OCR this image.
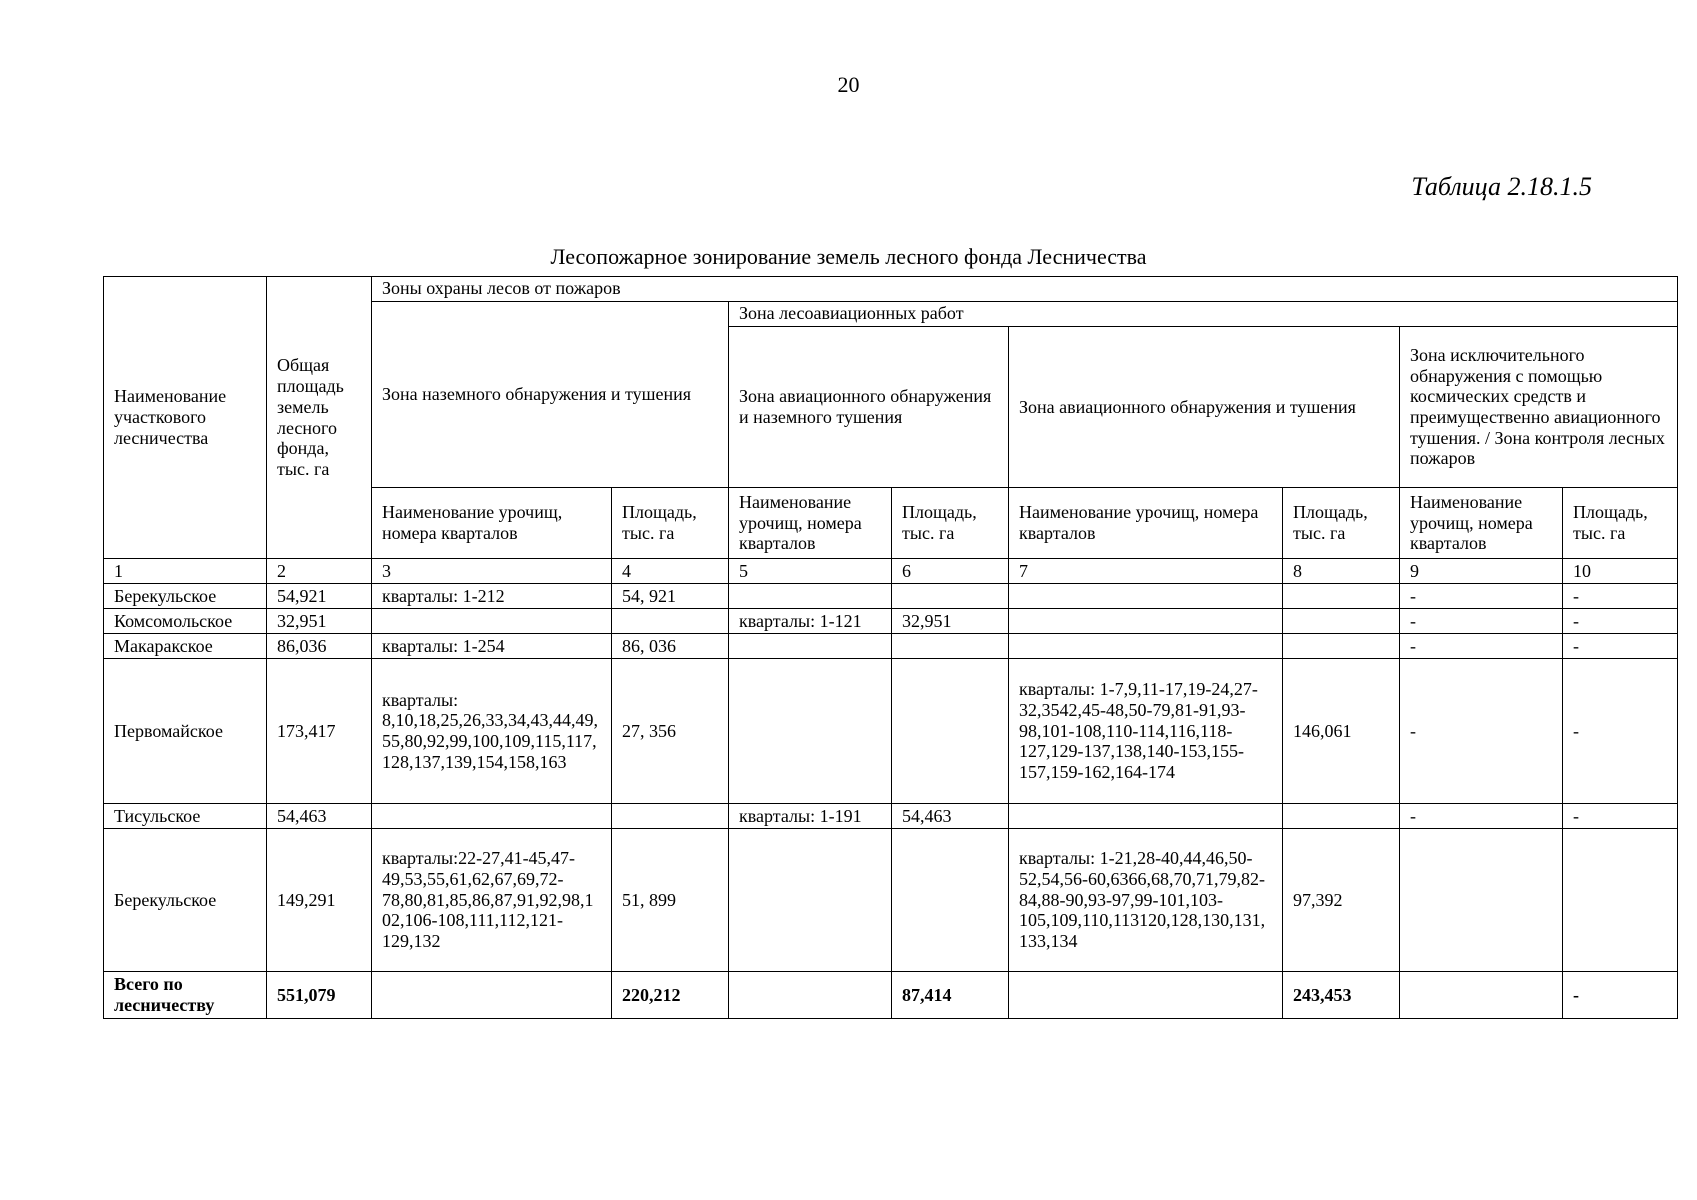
20
Таблица 2.18.1.5
Лесопожарное зонирование земель лесного фонда Лесничества
Наименование участкового лесничества	Общая площадь земель лесного фонда, тыс. га	Зоны охраны лесов от пожаров							
		Зона наземного обнаружения и тушения		Зона лесоавиационных работ					
				Зона авиационного обнаружения и наземного тушения		Зона авиационного обнаружения и тушения		Зона исключительного обнаружения с помощью космических средств и преимущественно авиационного тушения. / Зона контроля лесных пожаров	
		Наименование урочищ, номера кварталов	Площадь, тыс. га	Наименование урочищ, номера кварталов	Площадь, тыс. га	Наименование урочищ, номера кварталов	Площадь, тыс. га	Наименование урочищ, номера кварталов	Площадь, тыс. га
1	2	3	4	5	6	7	8	9	10
Берекульское	54,921	кварталы: 1-212	54, 921					-	-
Комсомольское	32,951			кварталы: 1-121	32,951			-	-
Макаракское	86,036	кварталы: 1-254	86, 036					-	-
Первомайское	173,417	кварталы: 8,10,18,25,26,33,34,43,44,49,55,80,92,99,100,109,115,117,128,137,139,154,158,163	27, 356			кварталы: 1-7,9,11-17,19-24,27-32,3542,45-48,50-79,81-91,93-98,101-108,110-114,116,118-127,129-137,138,140-153,155-157,159-162,164-174	146,061	-	-
Тисульское	54,463			кварталы: 1-191	54,463			-	-
Берекульское	149,291	кварталы:22-27,41-45,47-49,53,55,61,62,67,69,72-78,80,81,85,86,87,91,92,98,102,106-108,111,112,121-129,132	51, 899			кварталы: 1-21,28-40,44,46,50-52,54,56-60,6366,68,70,71,79,82-84,88-90,93-97,99-101,103-105,109,110,113120,128,130,131,133,134	97,392		
Всего по лесничеству	551,079		220,212		87,414		243,453		-
